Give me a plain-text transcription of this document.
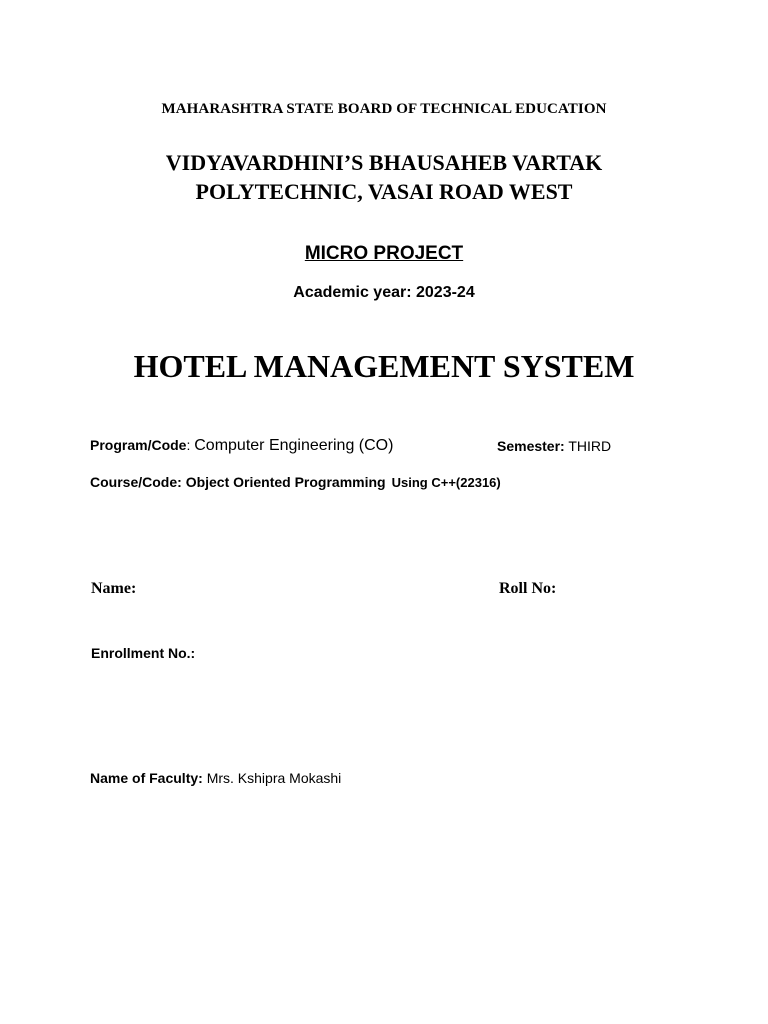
MAHARASHTRA STATE BOARD OF TECHNICAL EDUCATION
VIDYAVARDHINI’S BHAUSAHEB VARTAK
POLYTECHNIC, VASAI ROAD WEST
MICRO PROJECT
Academic year: 2023-24
HOTEL MANAGEMENT SYSTEM
Program/Code: Computer Engineering (CO)	Semester: THIRD
Course/Code: Object Oriented Programming Using C++(22316)
Name:	Roll No:
Enrollment No.:
Name of Faculty: Mrs. Kshipra Mokashi
